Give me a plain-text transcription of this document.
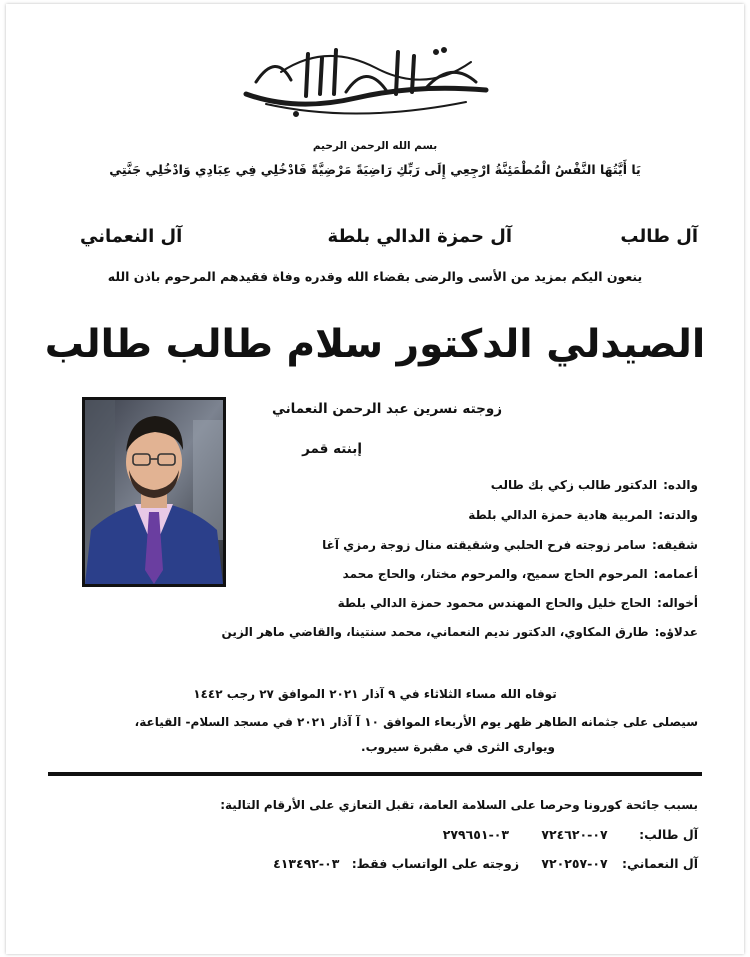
بسم الله الرحمن الرحيم
يَا أَيَّتُهَا النَّفْسُ الْمُطْمَئِنَّةُ ارْجِعِي إِلَى رَبِّكِ رَاضِيَةً مَرْضِيَّةً فَادْخُلِي فِي عِبَادِي وَادْخُلِي جَنَّتِي
آل طالب
آل حمزة الدالي بلطة
آل النعماني
ينعون اليكم بمزيد من الأسى والرضى بقضاء الله وقدره وفاة فقيدهم المرحوم باذن الله
الصيدلي الدكتور سلام طالب طالب
زوجته نسرين عبد الرحمن النعماني
إبنته قمر
والده:الدكتور طالب زكي بك طالب
والدته:المربية هادية حمزة الدالي بلطة
شقيقه:سامر زوجته فرح الحلبي وشقيقته منال زوجة رمزي آغا
أعمامه:المرحوم الحاج سميح، والمرحوم مختار، والحاج محمد
أخواله:الحاج خليل والحاج المهندس محمود حمزة الدالي بلطة
عدلاؤه:طارق المكاوي، الدكتور نديم النعماني، محمد سنتينا، والقاضي ماهر الزين
توفاه الله مساء الثلاثاء في ٩ آذار ٢٠٢١ الموافق ٢٧ رجب ١٤٤٢
سيصلى على جثمانه الطاهر ظهر يوم الأربعاء الموافق ١٠ آ آذار ٢٠٢١ في مسجد السلام- القياعة،
ويوارى الثرى في مقبرة سيروب.
بسبب جائحة كورونا وحرصا على السلامة العامة، تقبل التعازي على الأرقام التالية:
آل طالب: ٠٧-٧٢٤٦٢٠ ٠٣-٢٧٩٦٥١
آل النعماني: ٠٧-٧٢٠٢٥٧ زوجته على الواتساب فقط: ٠٣-٤١٣٤٩٢
